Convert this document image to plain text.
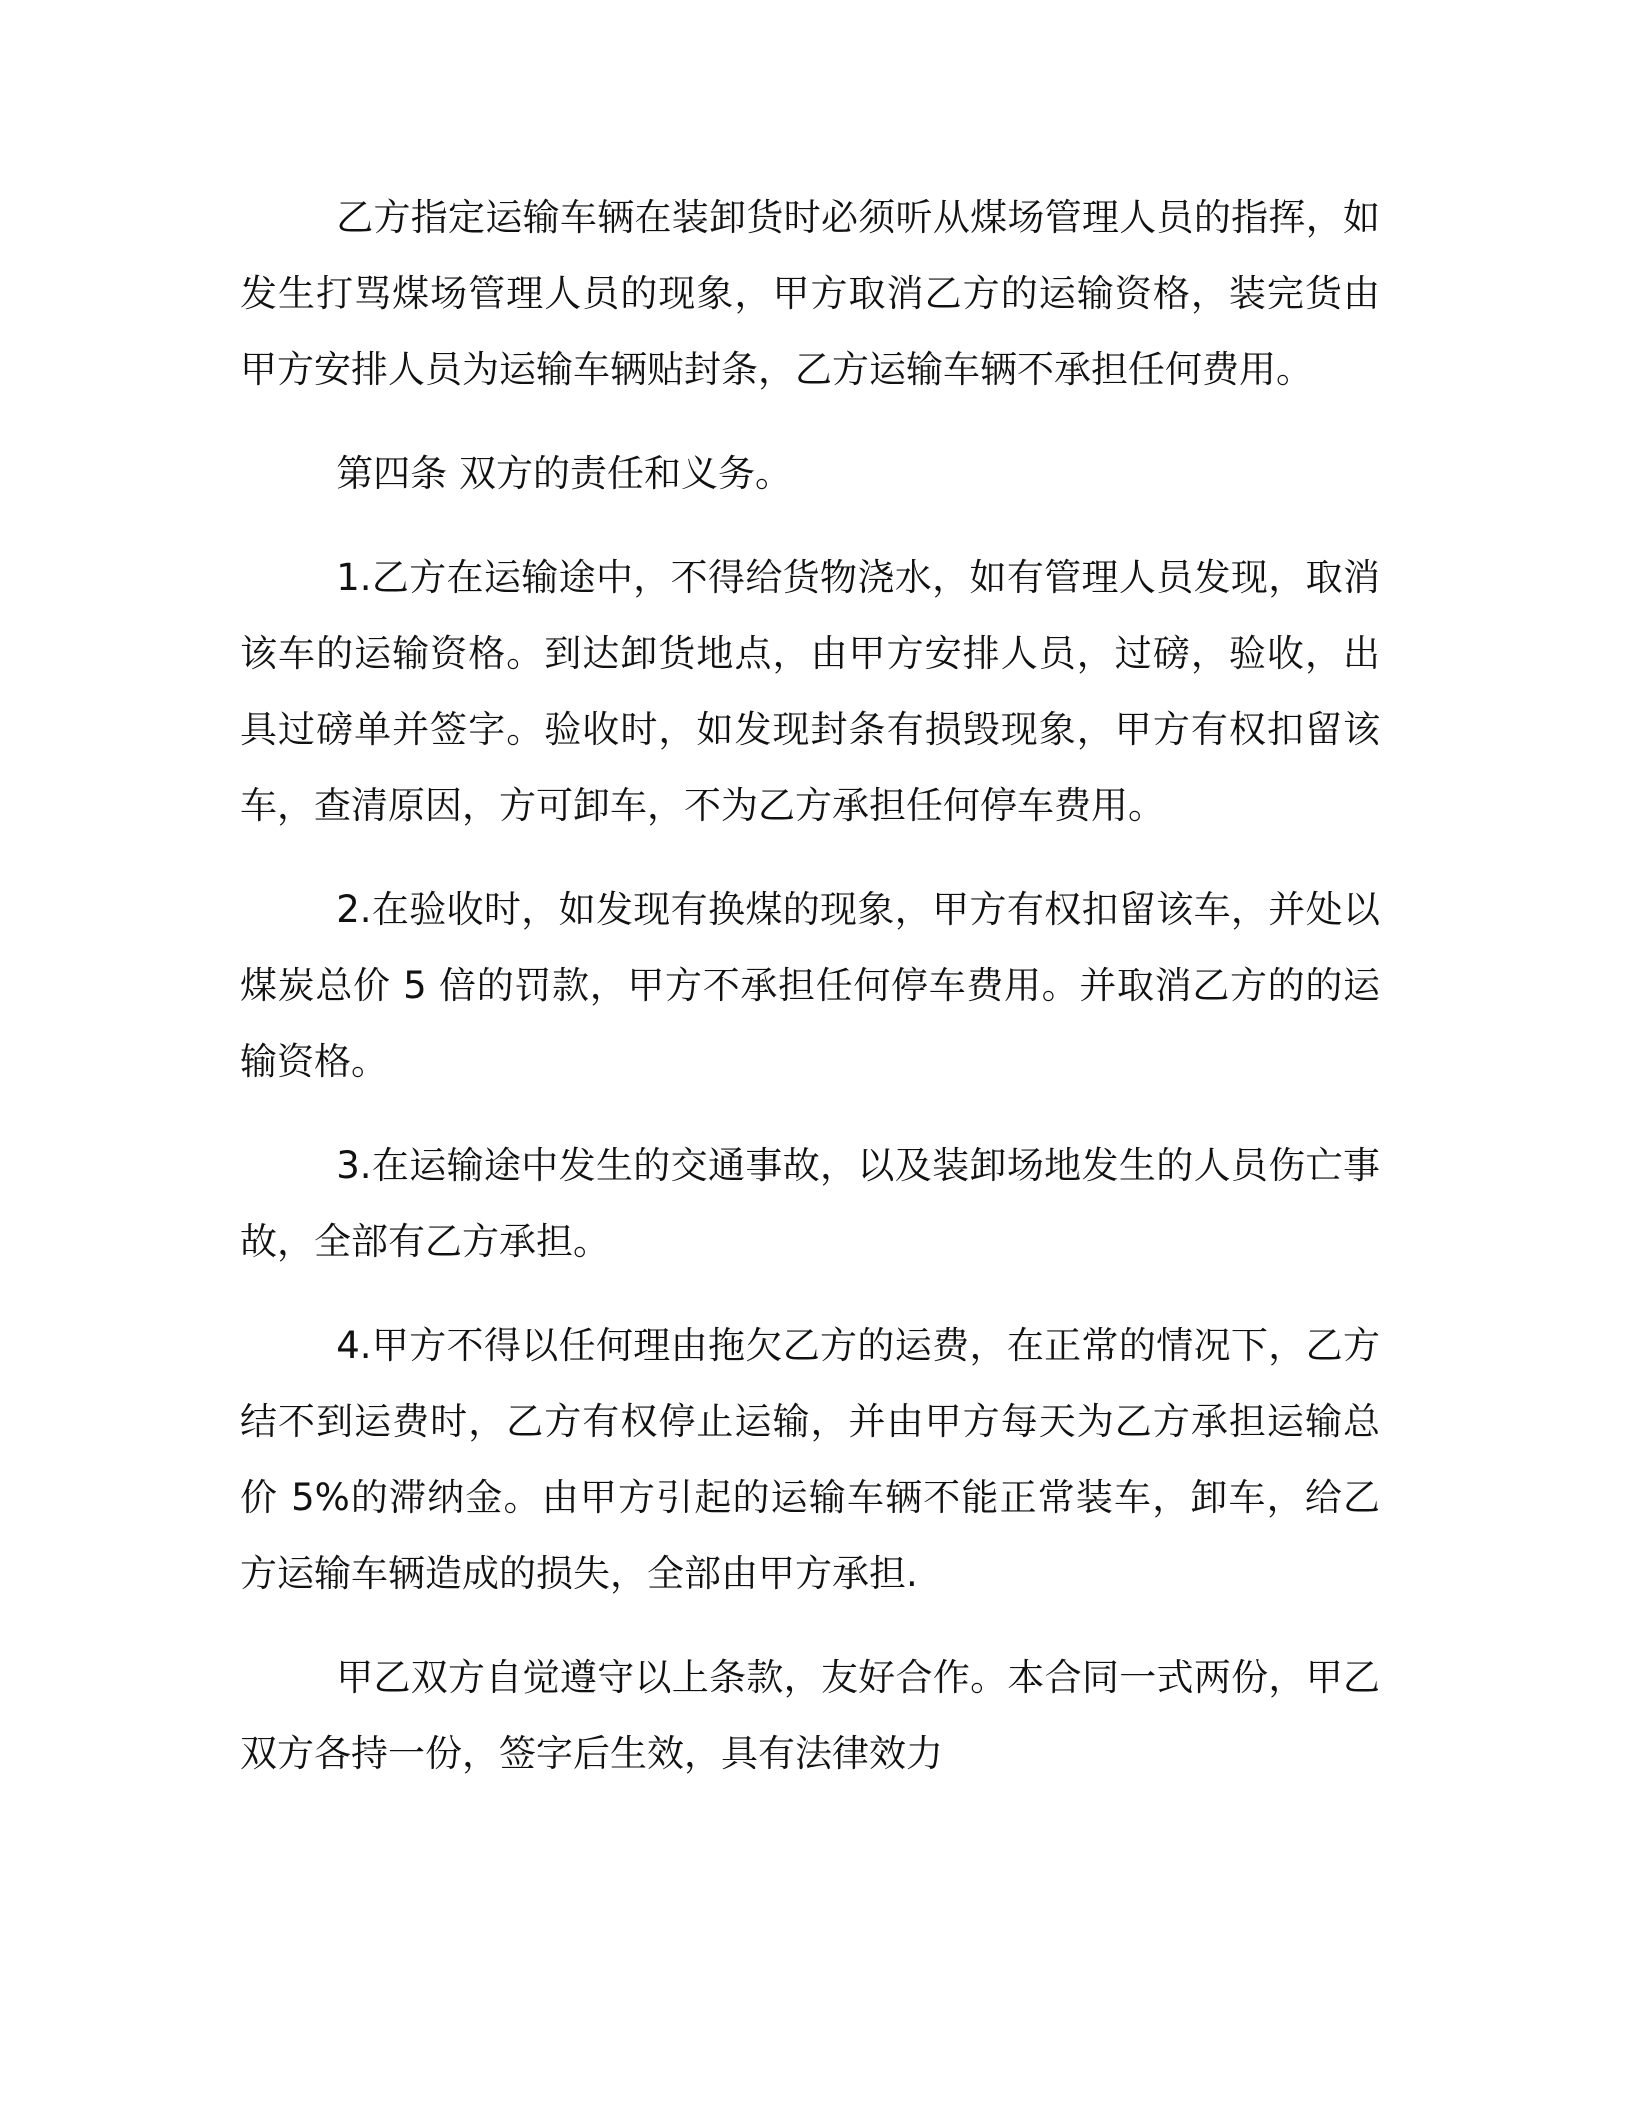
乙方指定运输车辆在装卸货时必须听从煤场管理人员的指挥，如发生打骂煤场管理人员的现象，甲方取消乙方的运输资格，装完货由甲方安排人员为运输车辆贴封条，乙方运输车辆不承担任何费用。

第四条 双方的责任和义务。

1.乙方在运输途中，不得给货物浇水，如有管理人员发现，取消该车的运输资格。到达卸货地点，由甲方安排人员，过磅，验收，出具过磅单并签字。验收时，如发现封条有损毁现象，甲方有权扣留该车，查清原因，方可卸车，不为乙方承担任何停车费用。

2.在验收时，如发现有换煤的现象，甲方有权扣留该车，并处以煤炭总价 5 倍的罚款，甲方不承担任何停车费用。并取消乙方的的运输资格。

3.在运输途中发生的交通事故，以及装卸场地发生的人员伤亡事故，全部有乙方承担。

4.甲方不得以任何理由拖欠乙方的运费，在正常的情况下，乙方结不到运费时，乙方有权停止运输，并由甲方每天为乙方承担运输总价 5%的滞纳金。由甲方引起的运输车辆不能正常装车，卸车，给乙方运输车辆造成的损失，全部由甲方承担.

甲乙双方自觉遵守以上条款，友好合作。本合同一式两份，甲乙双方各持一份，签字后生效，具有法律效力
